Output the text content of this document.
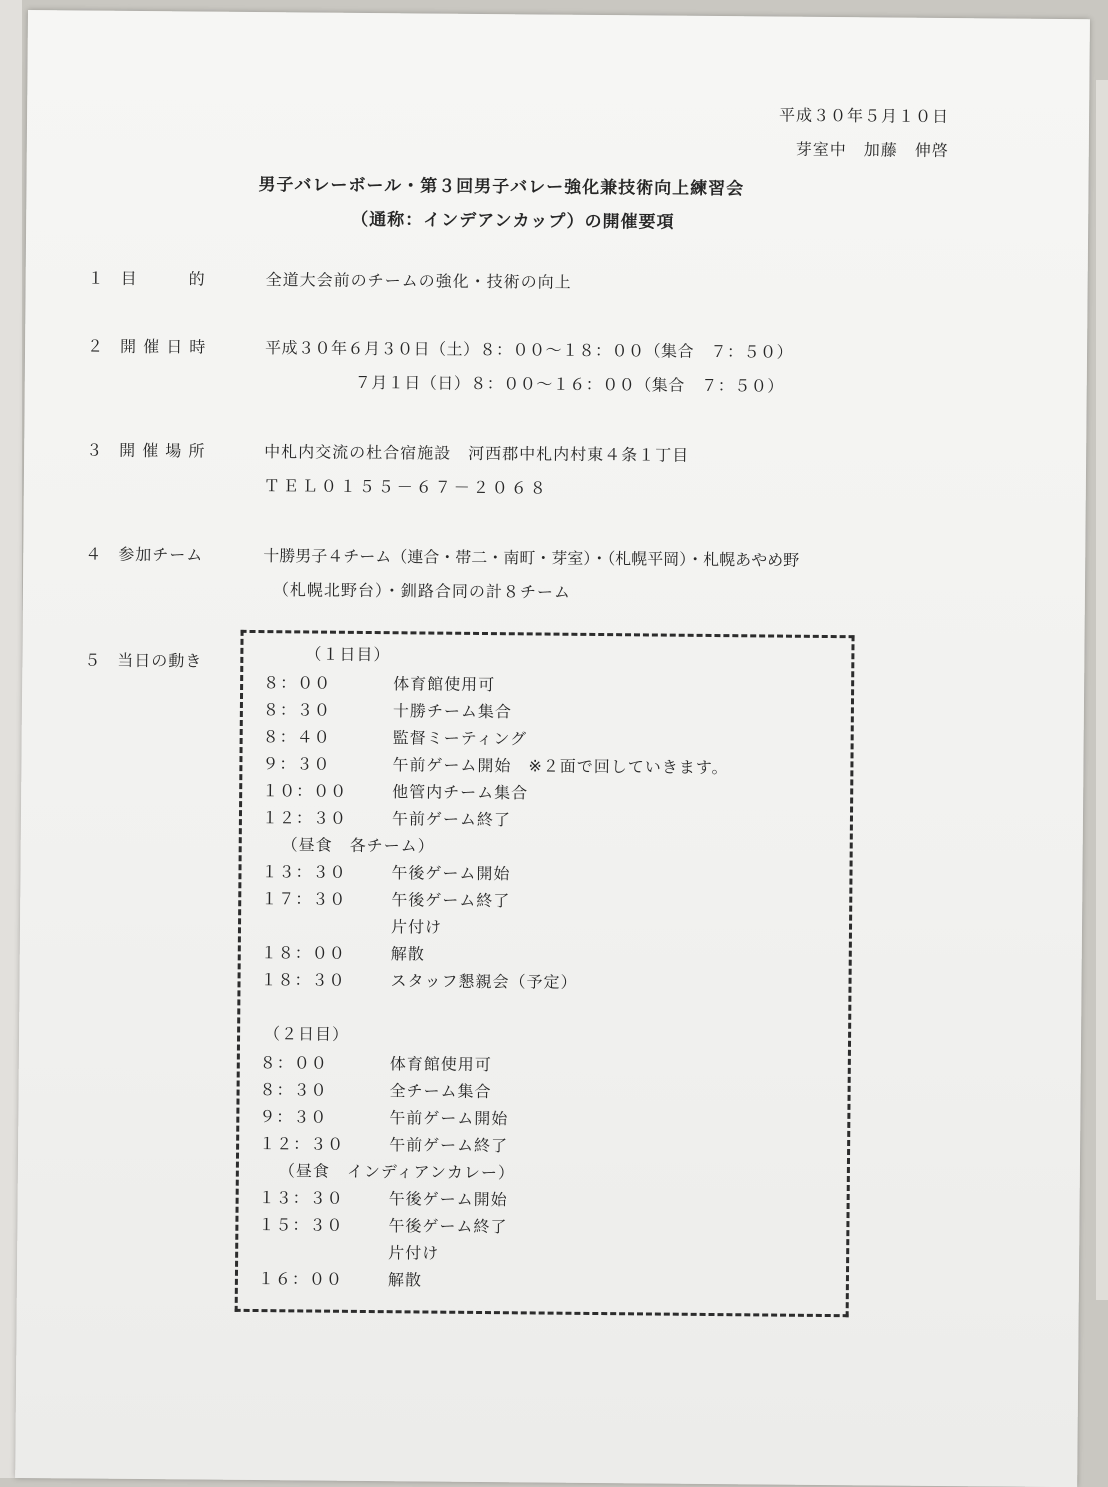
平成３０年５月１０日
芽室中　加藤　伸啓
男子バレーボール・第３回男子バレー強化兼技術向上練習会
（通称：インデアンカップ）の開催要項
１ 目　　　的	全道大会前のチームの強化・技術の向上
２ 開 催 日 時	平成３０年６月３０日（土）８：００～１８：００（集合　７：５０）
７月１日（日）８：００～１６：００（集合　７：５０）
３ 開 催 場 所	中札内交流の杜合宿施設　河西郡中札内村東４条１丁目
ＴＥＬ０１５５－６７－２０６８
４ 参加チーム	十勝男子４チーム（連合・帯二・南町・芽室）・（札幌平岡）・札幌あやめ野
（札幌北野台）・釧路合同の計８チーム
５ 当日の動き	（１日目）
８：００	体育館使用可
８：３０	十勝チーム集合
８：４０	監督ミーティング
９：３０	午前ゲーム開始　※２面で回していきます。
１０：００	他管内チーム集合
１２：３０	午前ゲーム終了
（昼食　各チーム）
１３：３０	午後ゲーム開始
１７：３０	午後ゲーム終了
片付け
１８：００	解散
１８：３０	スタッフ懇親会（予定）
（２日目）
８：００	体育館使用可
８：３０	全チーム集合
９：３０	午前ゲーム開始
１２：３０	午前ゲーム終了
（昼食　インディアンカレー）
１３：３０	午後ゲーム開始
１５：３０	午後ゲーム終了
片付け
１６：００	解散
